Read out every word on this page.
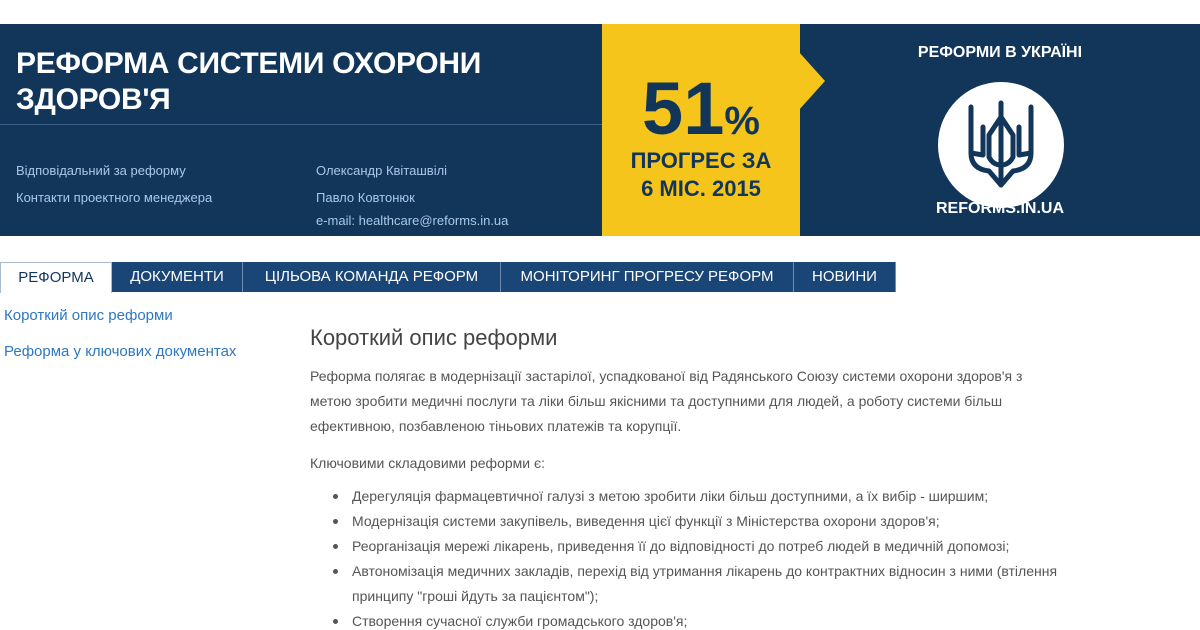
РЕФОРМА СИСТЕМИ ОХОРОНИ
ЗДОРОВ'Я
Відповідальний за реформу	Олександр Квіташвілі
Контакти проектного менеджера	Павло Ковтонюк
e-mail: healthcare@reforms.in.ua
51%
ПРОГРЕС ЗА
6 МІС. 2015
РЕФОРМИ В УКРАЇНІ
REFORMS.IN.UA
РЕФОРМА	ДОКУМЕНТИ	ЦІЛЬОВА КОМАНДА РЕФОРМ	МОНІТОРИНГ ПРОГРЕСУ РЕФОРМ	НОВИНИ
Короткий опис реформи
Реформа у ключових документах
Короткий опис реформи
Реформа полягає в модернізації застарілої, успадкованої від Радянського Союзу системи охорони здоров'я з
метою зробити медичні послуги та ліки більш якісними та доступними для людей, а роботу системи більш
ефективною, позбавленою тіньових платежів та корупції.
Ключовими складовими реформи є:
Дерегуляція фармацевтичної галузі з метою зробити ліки більш доступними, а їх вибір - ширшим;
Модернізація системи закупівель, виведення цієї функції з Міністерства охорони здоров'я;
Реорганізація мережі лікарень, приведення її до відповідності до потреб людей в медичній допомозі;
Автономізація медичних закладів, перехід від утримання лікарень до контрактних відносин з ними (втілення
принципу "гроші йдуть за пацієнтом");
Створення сучасної служби громадського здоров'я;
